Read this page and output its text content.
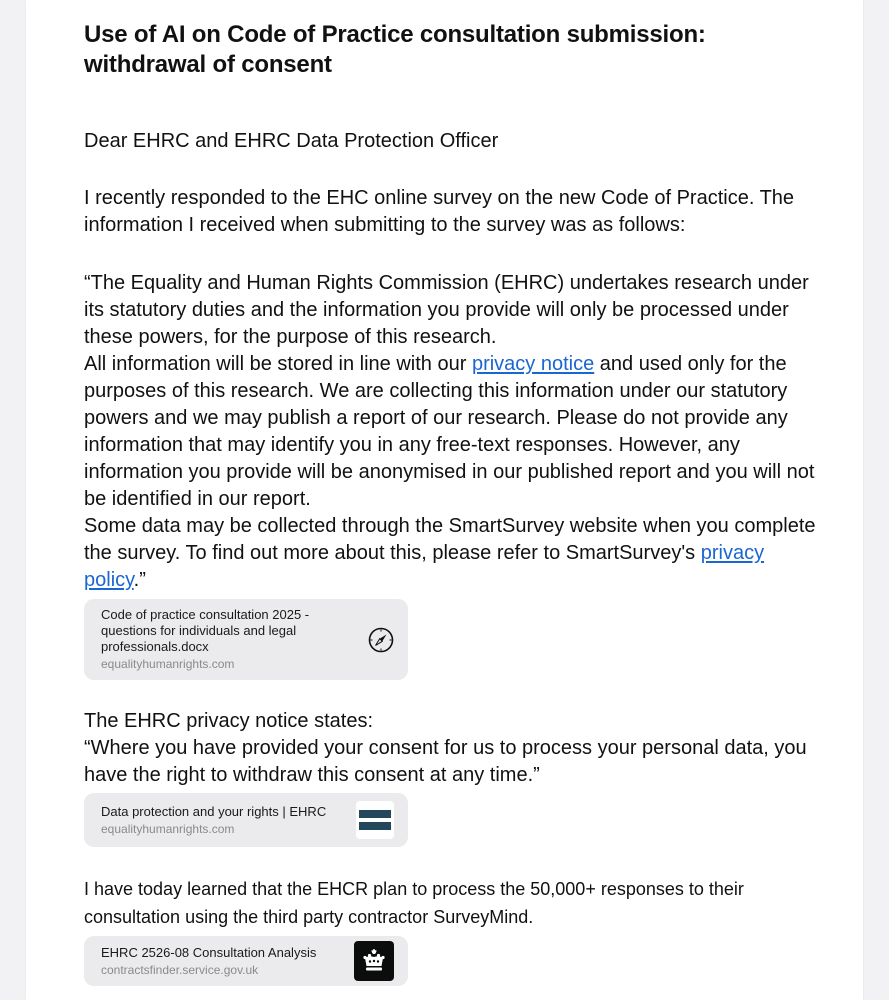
Use of AI on Code of Practice consultation submission: withdrawal of consent

Dear EHRC and EHRC Data Protection Officer

I recently responded to the EHC online survey on the new Code of Practice. The information I received when submitting to the survey was as follows:

“The Equality and Human Rights Commission (EHRC) undertakes research under its statutory duties and the information you provide will only be processed under these powers, for the purpose of this research.

All information will be stored in line with our privacy notice and used only for the purposes of this research. We are collecting this information under our statutory powers and we may publish a report of our research. Please do not provide any information that may identify you in any free-text responses. However, any information you provide will be anonymised in our published report and you will not be identified in our report.

Some data may be collected through the SmartSurvey website when you complete the survey. To find out more about this, please refer to SmartSurvey's privacy policy.”

Code of practice consultation 2025 - questions for individuals and legal professionals.docx
equalityhumanrights.com

The EHRC privacy notice states:

“Where you have provided your consent for us to process your personal data, you have the right to withdraw this consent at any time.”

Data protection and your rights | EHRC
equalityhumanrights.com

I have today learned that the EHCR plan to process the 50,000+ responses to their consultation using the third party contractor SurveyMind.

EHRC 2526-08 Consultation Analysis
contractsfinder.service.gov.uk
